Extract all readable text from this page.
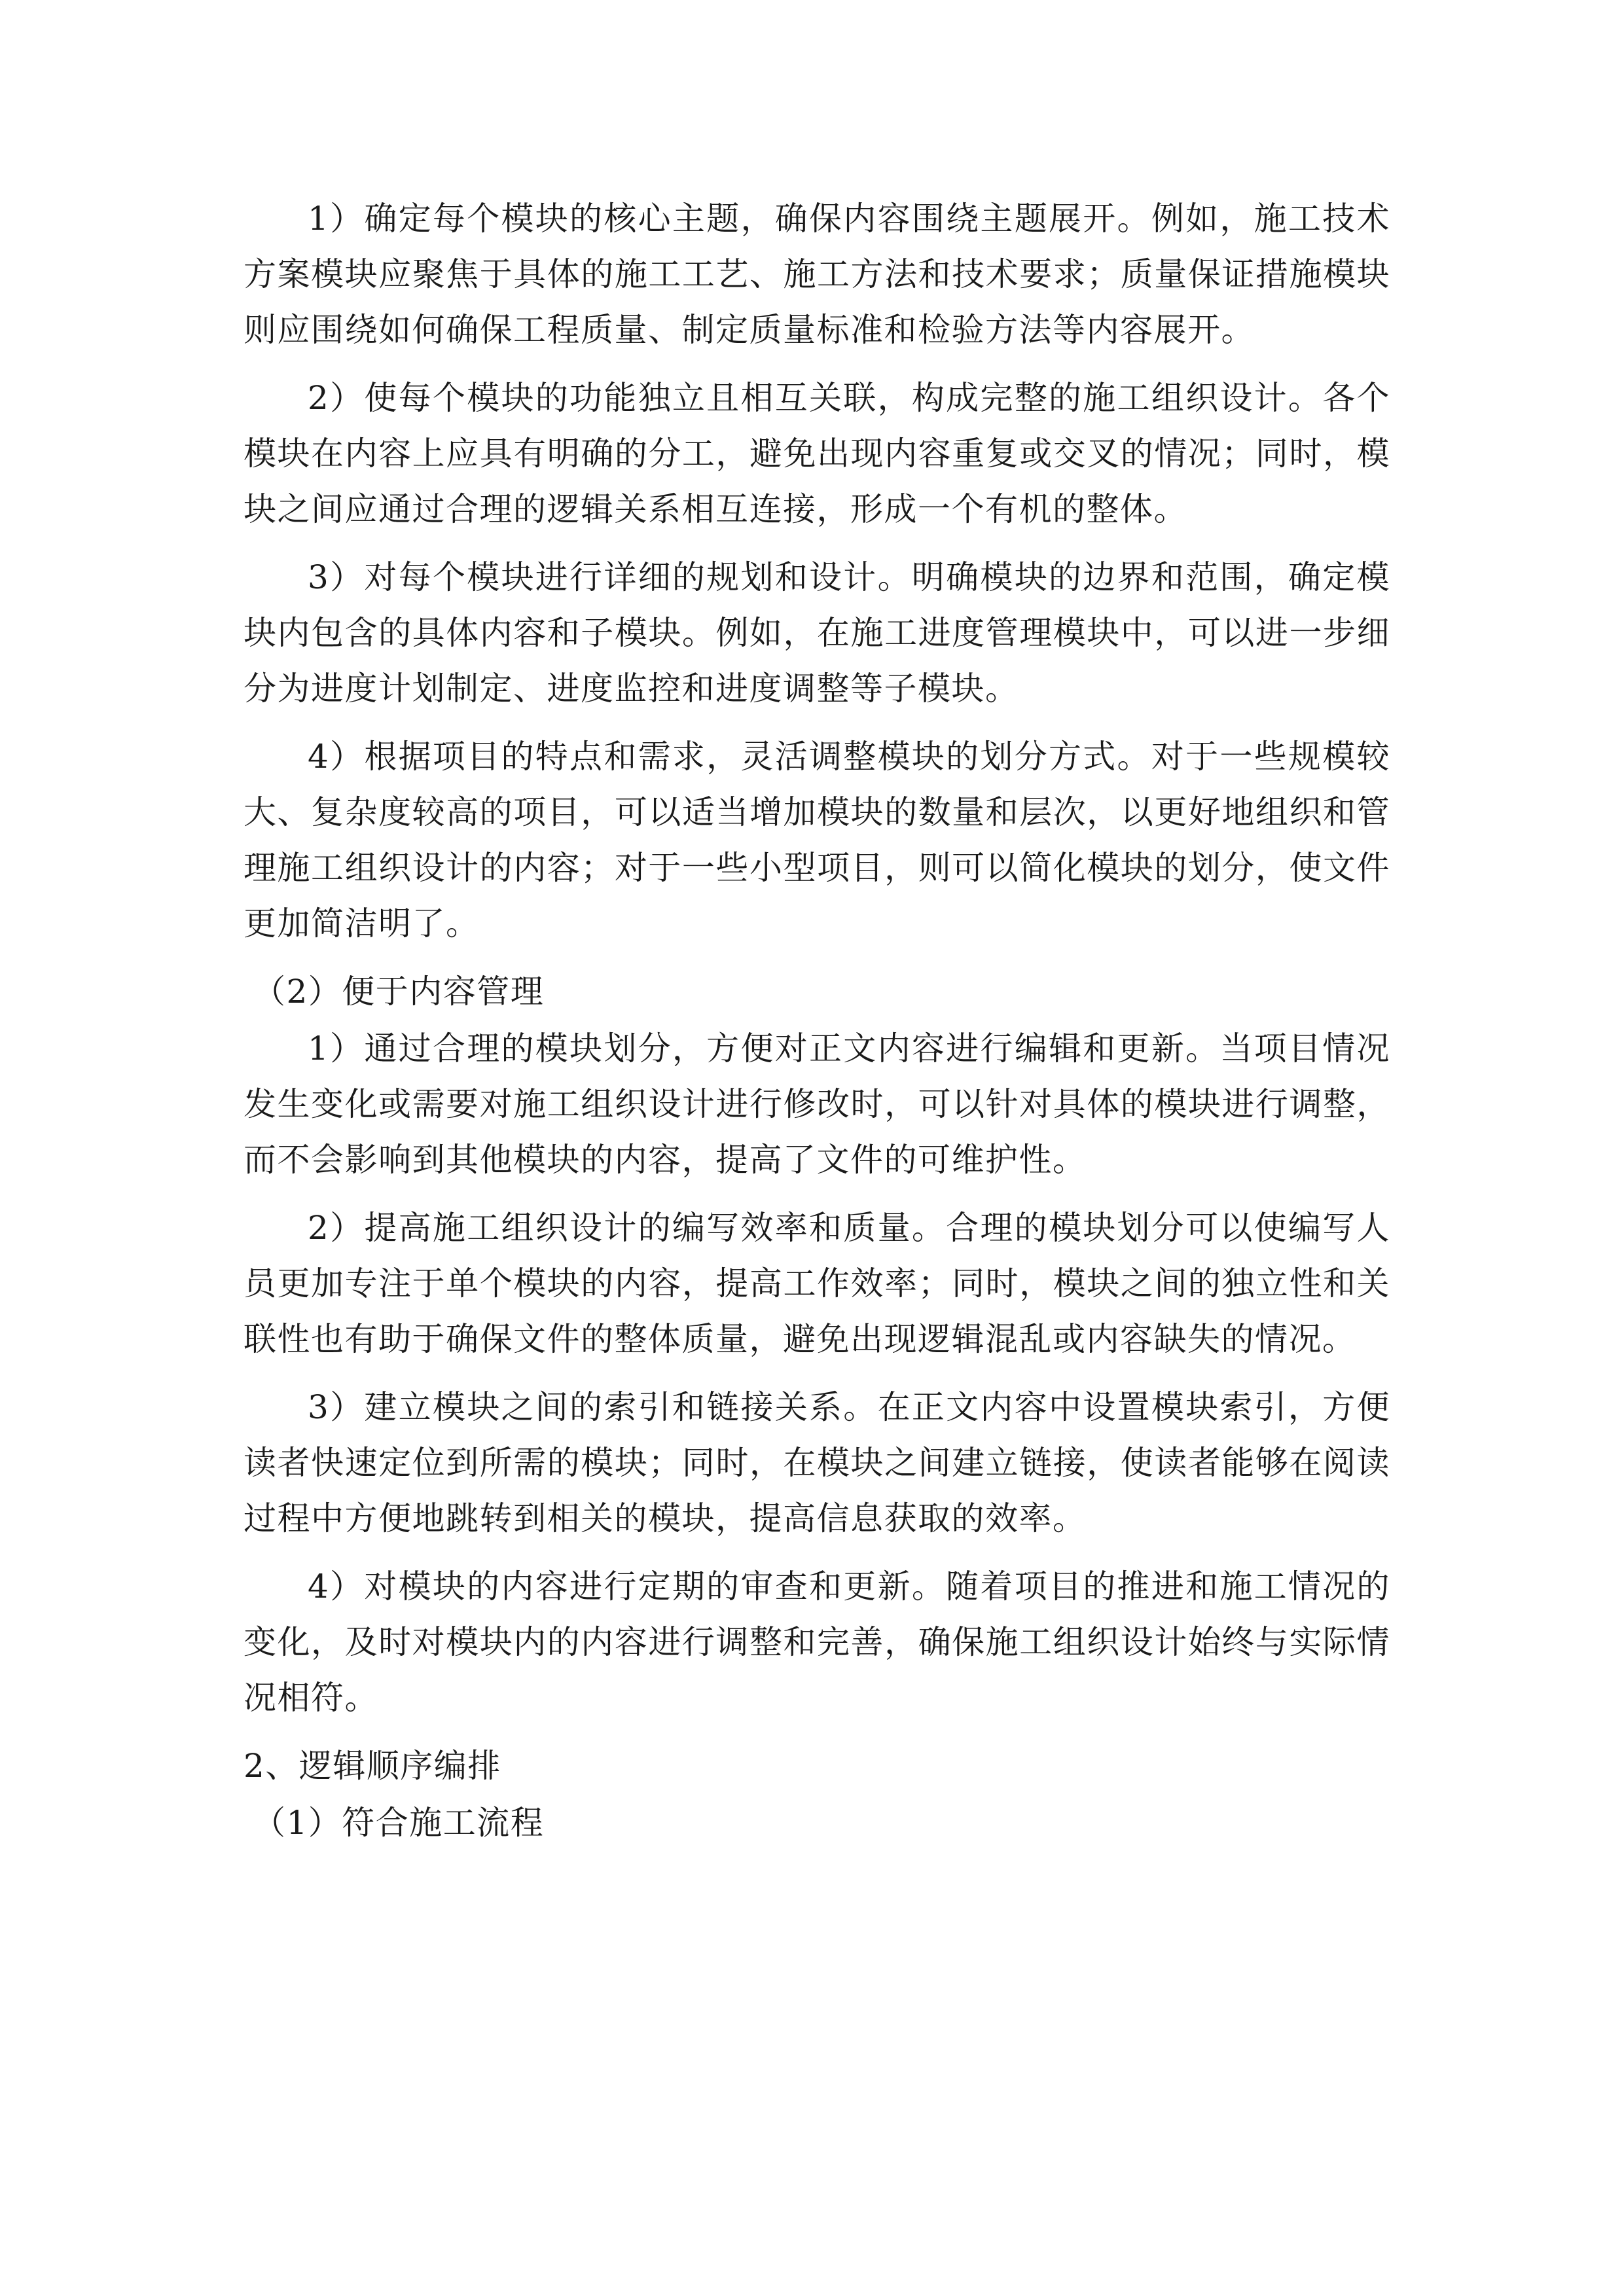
1）确定每个模块的核心主题，确保内容围绕主题展开。例如，施工技术方案模块应聚焦于具体的施工工艺、施工方法和技术要求；质量保证措施模块则应围绕如何确保工程质量、制定质量标准和检验方法等内容展开。

2）使每个模块的功能独立且相互关联，构成完整的施工组织设计。各个模块在内容上应具有明确的分工，避免出现内容重复或交叉的情况；同时，模块之间应通过合理的逻辑关系相互连接，形成一个有机的整体。

3）对每个模块进行详细的规划和设计。明确模块的边界和范围，确定模块内包含的具体内容和子模块。例如，在施工进度管理模块中，可以进一步细分为进度计划制定、进度监控和进度调整等子模块。

4）根据项目的特点和需求，灵活调整模块的划分方式。对于一些规模较大、复杂度较高的项目，可以适当增加模块的数量和层次，以更好地组织和管理施工组织设计的内容；对于一些小型项目，则可以简化模块的划分，使文件更加简洁明了。

（2）便于内容管理

1）通过合理的模块划分，方便对正文内容进行编辑和更新。当项目情况发生变化或需要对施工组织设计进行修改时，可以针对具体的模块进行调整，而不会影响到其他模块的内容，提高了文件的可维护性。

2）提高施工组织设计的编写效率和质量。合理的模块划分可以使编写人员更加专注于单个模块的内容，提高工作效率；同时，模块之间的独立性和关联性也有助于确保文件的整体质量，避免出现逻辑混乱或内容缺失的情况。

3）建立模块之间的索引和链接关系。在正文内容中设置模块索引，方便读者快速定位到所需的模块；同时，在模块之间建立链接，使读者能够在阅读过程中方便地跳转到相关的模块，提高信息获取的效率。

4）对模块的内容进行定期的审查和更新。随着项目的推进和施工情况的变化，及时对模块内的内容进行调整和完善，确保施工组织设计始终与实际情况相符。

2、逻辑顺序编排
（1）符合施工流程
